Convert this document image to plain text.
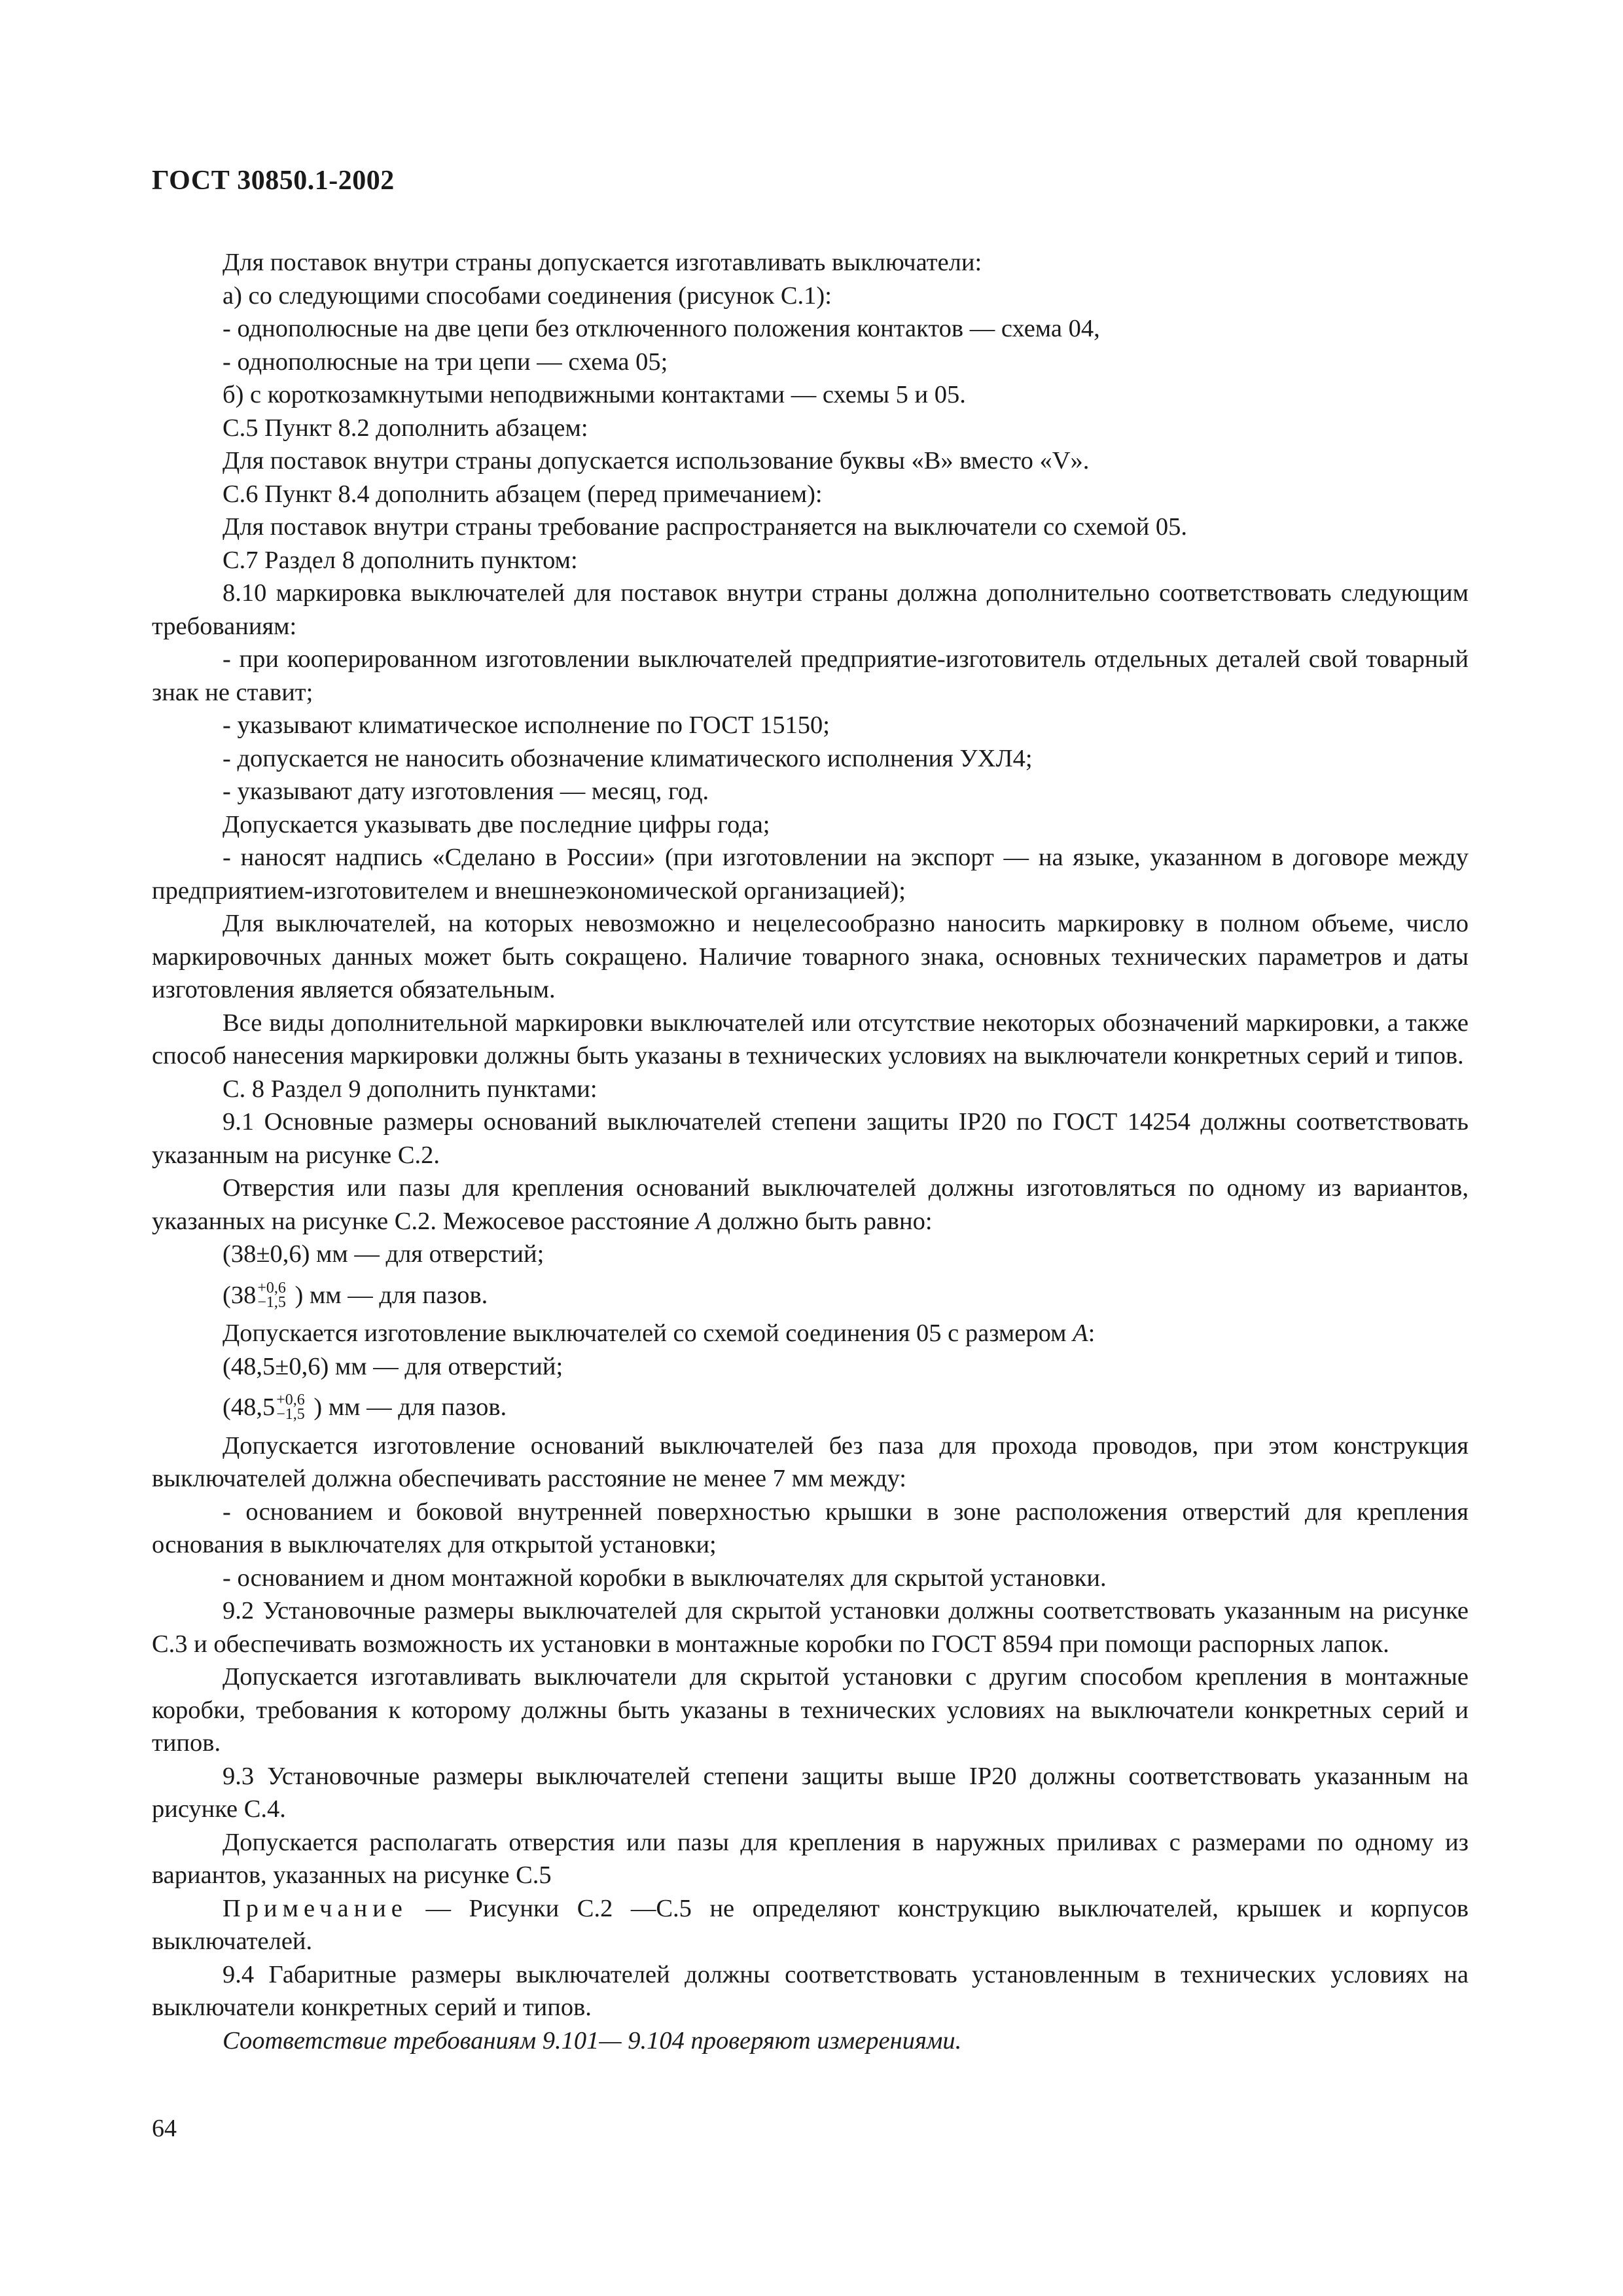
ГОСТ 30850.1-2002

Для поставок внутри страны допускается изготавливать выключатели:

а) со следующими способами соединения (рисунок С.1):

- однополюсные на две цепи без отключенного положения контактов — схема 04,

- однополюсные на три цепи — схема 05;

б) с короткозамкнутыми неподвижными контактами — схемы 5 и 05.

С.5 Пункт 8.2 дополнить абзацем:

Для поставок внутри страны допускается использование буквы «В» вместо «V».

С.6 Пункт 8.4 дополнить абзацем (перед примечанием):

Для поставок внутри страны требование распространяется на выключатели со схемой 05.

С.7 Раздел 8 дополнить пунктом:

8.10 маркировка выключателей для поставок внутри страны должна дополнительно соответствовать следующим требованиям:

- при кооперированном изготовлении выключателей предприятие-изготовитель отдельных деталей свой товарный знак не ставит;

- указывают климатическое исполнение по ГОСТ 15150;

- допускается не наносить обозначение климатического исполнения УХЛ4;

- указывают дату изготовления — месяц, год.

Допускается указывать две последние цифры года;

- наносят надпись «Сделано в России» (при изготовлении на экспорт — на языке, указанном в договоре между предприятием-изготовителем и внешнеэкономической организацией);

Для выключателей, на которых невозможно и нецелесообразно наносить маркировку в полном объеме, число маркировочных данных может быть сокращено. Наличие товарного знака, основных технических параметров и даты изготовления является обязательным.

Все виды дополнительной маркировки выключателей или отсутствие некоторых обозначений маркировки, а также способ нанесения маркировки должны быть указаны в технических условиях на выключатели конкретных серий и типов.

С. 8 Раздел 9 дополнить пунктами:

9.1 Основные размеры оснований выключателей степени защиты IP20 по ГОСТ 14254 должны соответствовать указанным на рисунке С.2.

Отверстия или пазы для крепления оснований выключателей должны изготовляться по одному из вариантов, указанных на рисунке С.2. Межосевое расстояние A должно быть равно:

(38±0,6) мм — для отверстий;

(38 +0,6
−1,5 ) мм — для пазов.

Допускается изготовление выключателей со схемой соединения 05 с размером A:

(48,5±0,6) мм — для отверстий;

(48,5 +0,6
−1,5 ) мм — для пазов.

Допускается изготовление оснований выключателей без паза для прохода проводов, при этом конструкция выключателей должна обеспечивать расстояние не менее 7 мм между:

- основанием и боковой внутренней поверхностью крышки в зоне расположения отверстий для крепления основания в выключателях для открытой установки;

- основанием и дном монтажной коробки в выключателях для скрытой установки.

9.2 Установочные размеры выключателей для скрытой установки должны соответствовать указанным на рисунке С.3 и обеспечивать возможность их установки в монтажные коробки по ГОСТ 8594 при помощи распорных лапок.

Допускается изготавливать выключатели для скрытой установки с другим способом крепления в монтажные коробки, требования к которому должны быть указаны в технических условиях на выключатели конкретных серий и типов.

9.3 Установочные размеры выключателей степени защиты выше IP20 должны соответствовать указанным на рисунке С.4.

Допускается располагать отверстия или пазы для крепления в наружных приливах с размерами по одному из вариантов, указанных на рисунке С.5

Примечание — Рисунки С.2 —С.5 не определяют конструкцию выключателей, крышек и корпусов выключателей.

9.4 Габаритные размеры выключателей должны соответствовать установленным в технических условиях на выключатели конкретных серий и типов.

Соответствие требованиям 9.101— 9.104 проверяют измерениями.

64
